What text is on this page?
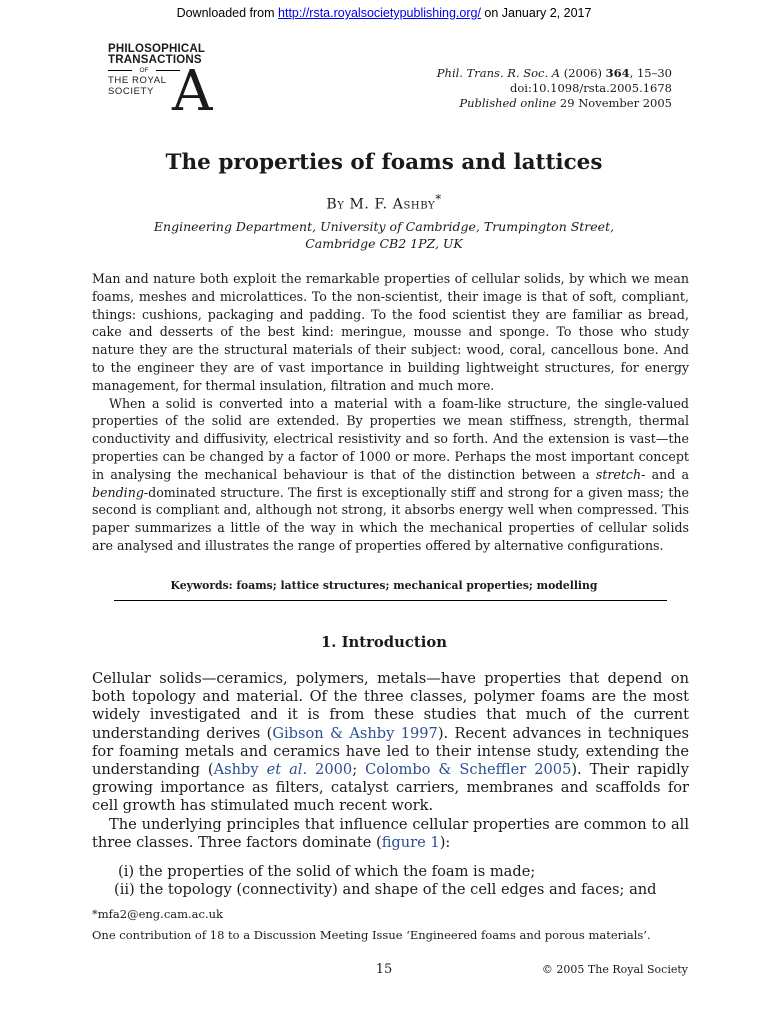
Downloaded from http://rsta.royalsocietypublishing.org/ on January 2, 2017
PHILOSOPHICAL
TRANSACTIONS
OF
THE ROYAL
SOCIETY A	Phil. Trans. R. Soc. A (2006) 364, 15–30
doi:10.1098/rsta.2005.1678
Published online 29 November 2005
The properties of foams and lattices
By M. F. Ashby*
Engineering Department, University of Cambridge, Trumpington Street,
Cambridge CB2 1PZ, UK

Man and nature both exploit the remarkable properties of cellular solids, by which we mean foams, meshes and microlattices. To the non-scientist, their image is that of soft, compliant, things: cushions, packaging and padding. To the food scientist they are familiar as bread, cake and desserts of the best kind: meringue, mousse and sponge. To those who study nature they are the structural materials of their subject: wood, coral, cancellous bone. And to the engineer they are of vast importance in building lightweight structures, for energy management, for thermal insulation, filtration and much more.

When a solid is converted into a material with a foam-like structure, the single-valued properties of the solid are extended. By properties we mean stiffness, strength, thermal conductivity and diffusivity, electrical resistivity and so forth. And the extension is vast—the properties can be changed by a factor of 1000 or more. Perhaps the most important concept in analysing the mechanical behaviour is that of the distinction between a stretch- and a bending-dominated structure. The first is exceptionally stiff and strong for a given mass; the second is compliant and, although not strong, it absorbs energy well when compressed. This paper summarizes a little of the way in which the mechanical properties of cellular solids are analysed and illustrates the range of properties offered by alternative configurations.

Keywords: foams; lattice structures; mechanical properties; modelling
1. Introduction

Cellular solids—ceramics, polymers, metals—have properties that depend on both topology and material. Of the three classes, polymer foams are the most widely investigated and it is from these studies that much of the current understanding derives (Gibson & Ashby 1997). Recent advances in techniques for foaming metals and ceramics have led to their intense study, extending the understanding (Ashby et al. 2000; Colombo & Scheffler 2005). Their rapidly growing importance as filters, catalyst carriers, membranes and scaffolds for cell growth has stimulated much recent work.

The underlying principles that influence cellular properties are common to all three classes. Three factors dominate (figure 1):

(i) the properties of the solid of which the foam is made;
(ii) the topology (connectivity) and shape of the cell edges and faces; and
*mfa2@eng.cam.ac.uk
One contribution of 18 to a Discussion Meeting Issue ‘Engineered foams and porous materials’.
15	© 2005 The Royal Society
